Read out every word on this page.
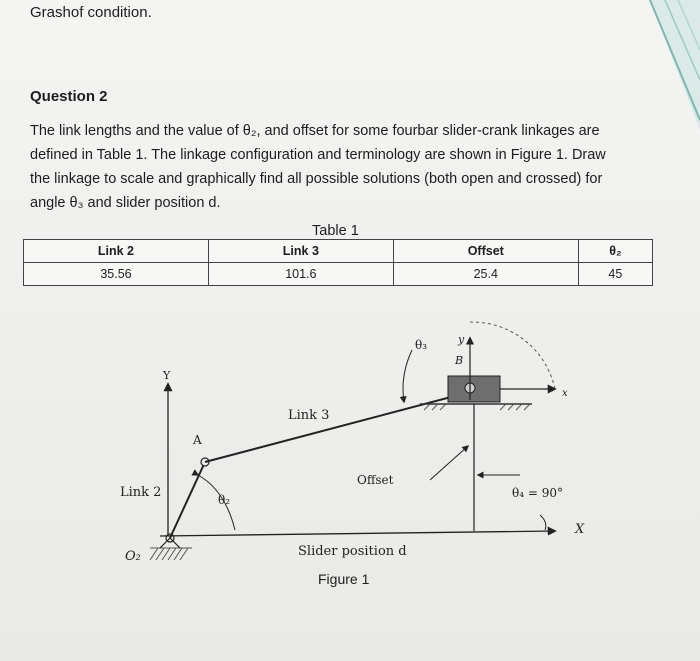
Grashof condition.
Question 2
The link lengths and the value of θ₂, and offset for some fourbar slider-crank linkages are
defined in Table 1. The linkage configuration and terminology are shown in Figure 1. Draw
the linkage to scale and graphically find all possible solutions (both open and crossed) for
angle θ₃ and slider position d.
Table 1
Link 2	Link 3	Offset	θ₂
35.56	101.6	25.4	45
Y
A
Link 2	θ₂
O₂
Link 3
Offset
θ₃	y
B
x
θ₄ = 90°
X
Slider position d
Figure 1
